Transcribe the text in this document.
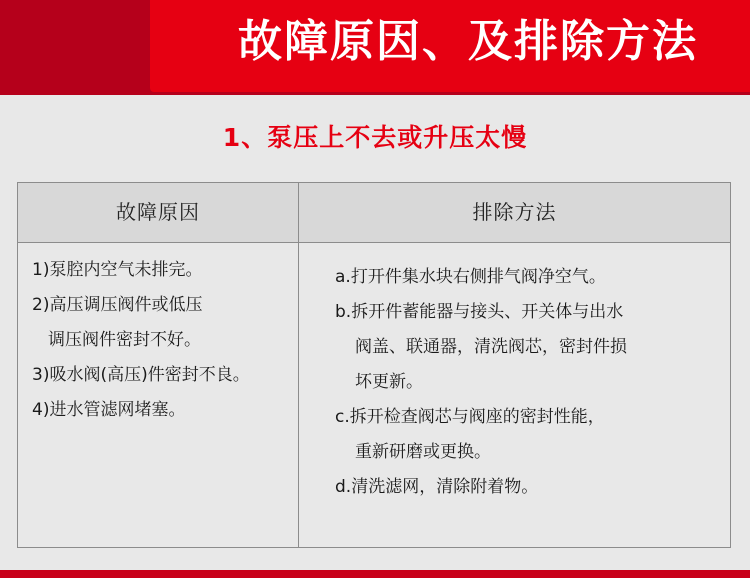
故障原因、及排除方法
1、泵压上不去或升压太慢
故障原因	排除方法
1)泵腔内空气未排完。
2)高压调压阀件或低压
调压阀件密封不好。
3)吸水阀(高压)件密封不良。
4)进水管滤网堵塞。
a.打开件集水块右侧排气阀净空气。
b.拆开件蓄能器与接头、开关体与出水
阀盖、联通器，清洗阀芯，密封件损
坏更新。
c.拆开检查阀芯与阀座的密封性能，
重新研磨或更换。
d.清洗滤网，清除附着物。
